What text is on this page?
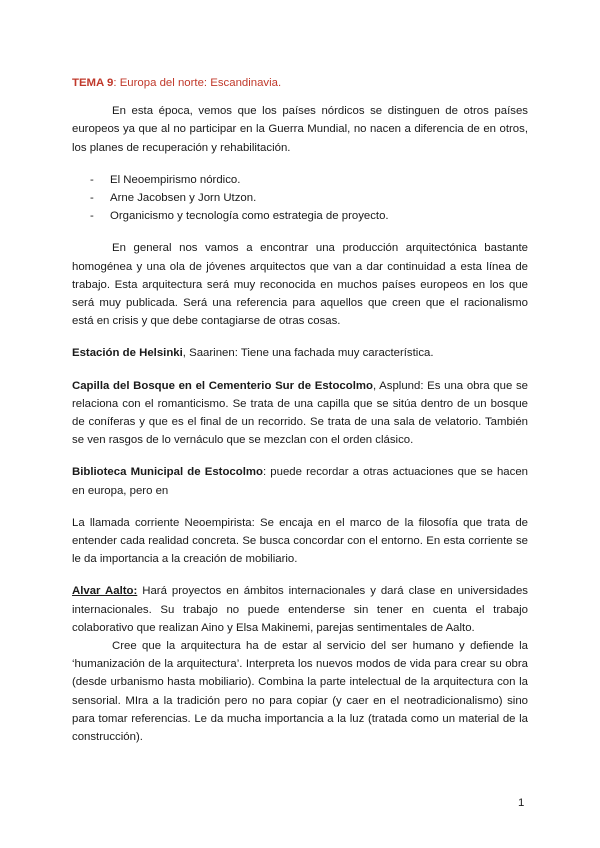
TEMA 9: Europa del norte: Escandinavia.

En esta época, vemos que los países nórdicos se distinguen de otros países europeos ya que al no participar en la Guerra Mundial, no nacen a diferencia de en otros, los planes de recuperación y rehabilitación.

- El Neoempirismo nórdico.
- Arne Jacobsen y Jorn Utzon.
- Organicismo y tecnología como estrategia de proyecto.

En general nos vamos a encontrar una producción arquitectónica bastante homogénea y una ola de jóvenes arquitectos que van a dar continuidad a esta línea de trabajo. Esta arquitectura será muy reconocida en muchos países europeos en los que será muy publicada. Será una referencia para aquellos que creen que el racionalismo está en crisis y que debe contagiarse de otras cosas.

Estación de Helsinki, Saarinen: Tiene una fachada muy característica.

Capilla del Bosque en el Cementerio Sur de Estocolmo, Asplund: Es una obra que se relaciona con el romanticismo. Se trata de una capilla que se sitúa dentro de un bosque de coníferas y que es el final de un recorrido. Se trata de una sala de velatorio. También se ven rasgos de lo vernáculo que se mezclan con el orden clásico.

Biblioteca Municipal de Estocolmo: puede recordar a otras actuaciones que se hacen en europa, pero en

La llamada corriente Neoempirista: Se encaja en el marco de la filosofía que trata de entender cada realidad concreta. Se busca concordar con el entorno. En esta corriente se le da importancia a la creación de mobiliario.

Alvar Aalto: Hará proyectos en ámbitos internacionales y dará clase en universidades internacionales. Su trabajo no puede entenderse sin tener en cuenta el trabajo colaborativo que realizan Aino y Elsa Makinemi, parejas sentimentales de Aalto.

Cree que la arquitectura ha de estar al servicio del ser humano y defiende la ‘humanización de la arquitectura’. Interpreta los nuevos modos de vida para crear su obra (desde urbanismo hasta mobiliario). Combina la parte intelectual de la arquitectura con la sensorial. MIra a la tradición pero no para copiar (y caer en el neotradicionalismo) sino para tomar referencias. Le da mucha importancia a la luz (tratada como un material de la construcción).

1
